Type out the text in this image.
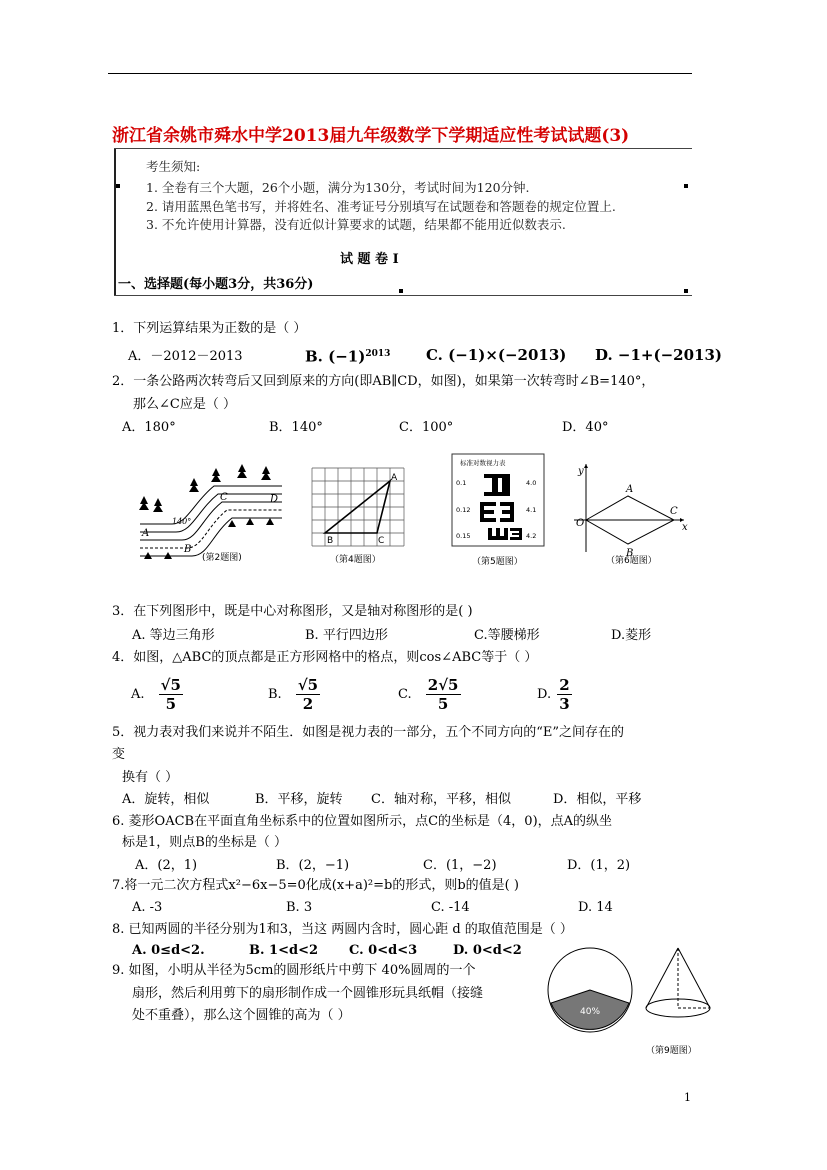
浙江省余姚市舜水中学2013届九年级数学下学期适应性考试试题(3)
考生须知:
1. 全卷有三个大题，26个小题，满分为130分，考试时间为120分钟.
2. 请用蓝黑色笔书写，并将姓名、准考证号分别填写在试题卷和答题卷的规定位置上.
3. 不允许使用计算器，没有近似计算要求的试题，结果都不能用近似数表示.
试 题 卷 I
一、选择题(每小题3分，共36分)
1．下列运算结果为正数的是（ ）
A．－2012－2013	B. $(-1)^{2013}$ C. (−1)×(−2013) D. −1+(−2013)
2．一条公路两次转弯后又回到原来的方向(即AB∥CD，如图)，如果第一次转弯时∠B=140°，
那么∠C应是（ ）
A．180°	B．140°	C．100°	D．40°
A
B
C	D
140°
(第2题图)
A
B	C
（第4题图）
标准对数视力表
0.1
0.12
0.15
4.0
4.1
4.2
（第5题图）
y
x
O
A
B
C
（第6题图）
3．在下列图形中，既是中心对称图形，又是轴对称图形的是( )
A. 等边三角形	B. 平行四边形	C.等腰梯形	D.菱形
4．如图，△ABC的顶点都是正方形网格中的格点，则cos∠ABC等于（ ）
A. $\frac{√5}{5}$	B. $\frac{√5}{2}$	C. $\frac{2√5}{5}$	D. $\frac{2}{3}$
5．视力表对我们来说并不陌生．如图是视力表的一部分，五个不同方向的“E”之间存在的
变
换有（ ）
A．旋转，相似	B．平移，旋转 C．轴对称，平移，相似	D．相似，平移
6. 菱形OACB在平面直角坐标系中的位置如图所示，点C的坐标是（4，0)，点A的纵坐
标是1，则点B的坐标是（ ）
A．(2，1)	B．(2，−1)	C．(1，−2)	D．(1，2)
7.将一元二次方程式x²−6x−5=0化成(x+a)²=b的形式，则b的值是( )
A. -3	B. 3	C. -14	D. 14
8. 已知两圆的半径分别为1和3，当这 两圆内含时，圆心距 d 的取值范围是（ ）
A. 0≤d<2.	B. 1<d<2 C. 0<d<3	D. 0<d<2
9. 如图，小明从半径为5cm的圆形纸片中剪下 40%圆周的一个
扇形，然后利用剪下的扇形制作成一个圆锥形玩具纸帽（接缝
处不重叠），那么这个圆锥的高为（ ）	40%
（第9题图）
1
